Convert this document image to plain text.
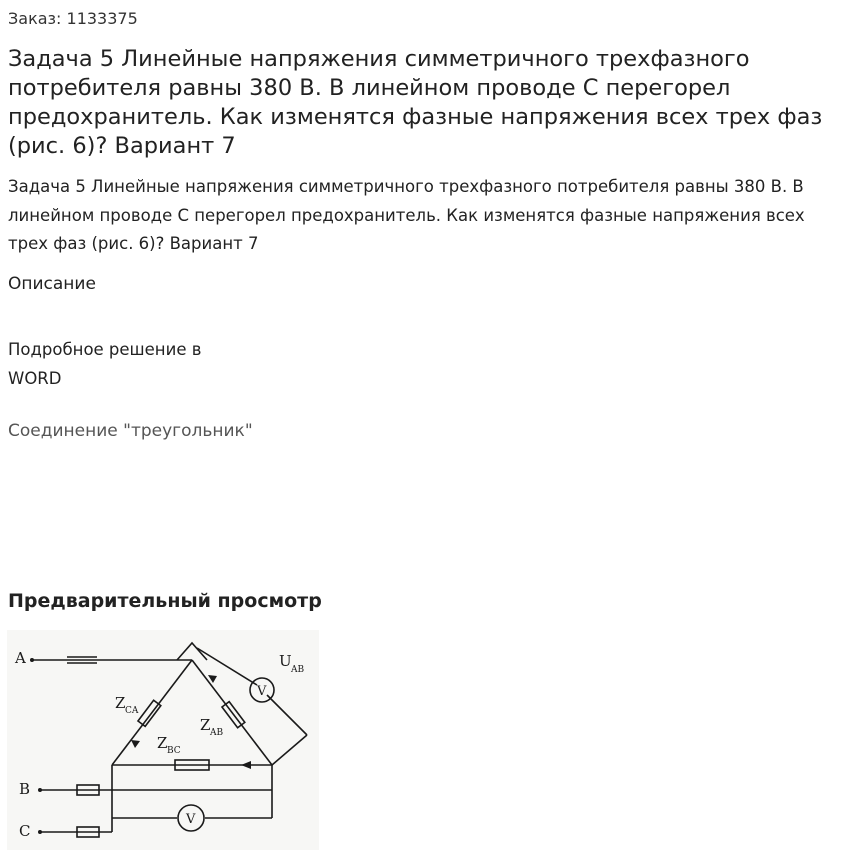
Заказ: 1133375
Задача 5 Линейные напряжения симметричного трехфазного потребителя равны 380 В. В линейном проводе С перегорел предохранитель. Как изменятся фазные напряжения всех трех фаз (рис. 6)? Вариант 7
Задача 5 Линейные напряжения симметричного трехфазного потребителя равны 380 В. В линейном проводе С перегорел предохранитель. Как изменятся фазные напряжения всех трех фаз (рис. 6)? Вариант 7
Описание
Подробное решение в WORD
Соединение "треугольник"
Предварительный просмотр
A
B
C
Z CA
Z AB
Z BC
U AB
V
V
